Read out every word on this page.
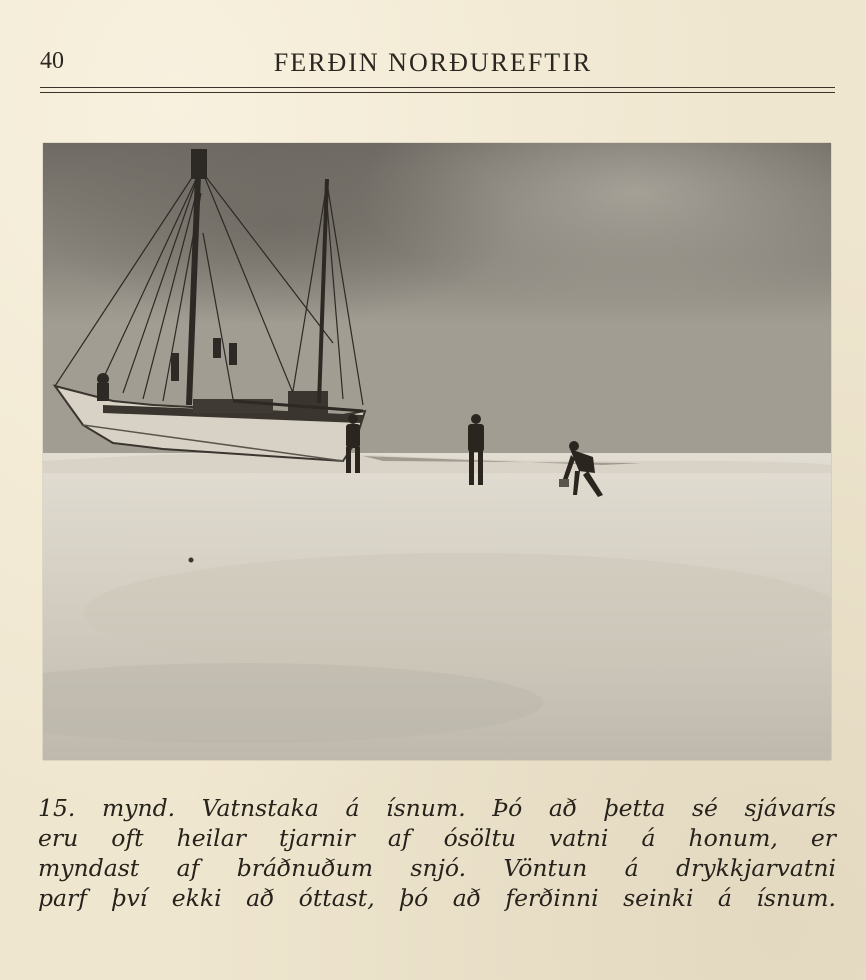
40	FERÐIN NORÐUREFTIR
15. mynd. Vatnstaka á ísnum. Þó að þetta sé sjávarís
eru oft heilar tjarnir af ósöltu vatni á honum, er
myndast af bráðnuðum snjó. Vöntun á drykkjarvatni
parf því ekki að óttast, þó að ferðinni seinki á ísnum.
